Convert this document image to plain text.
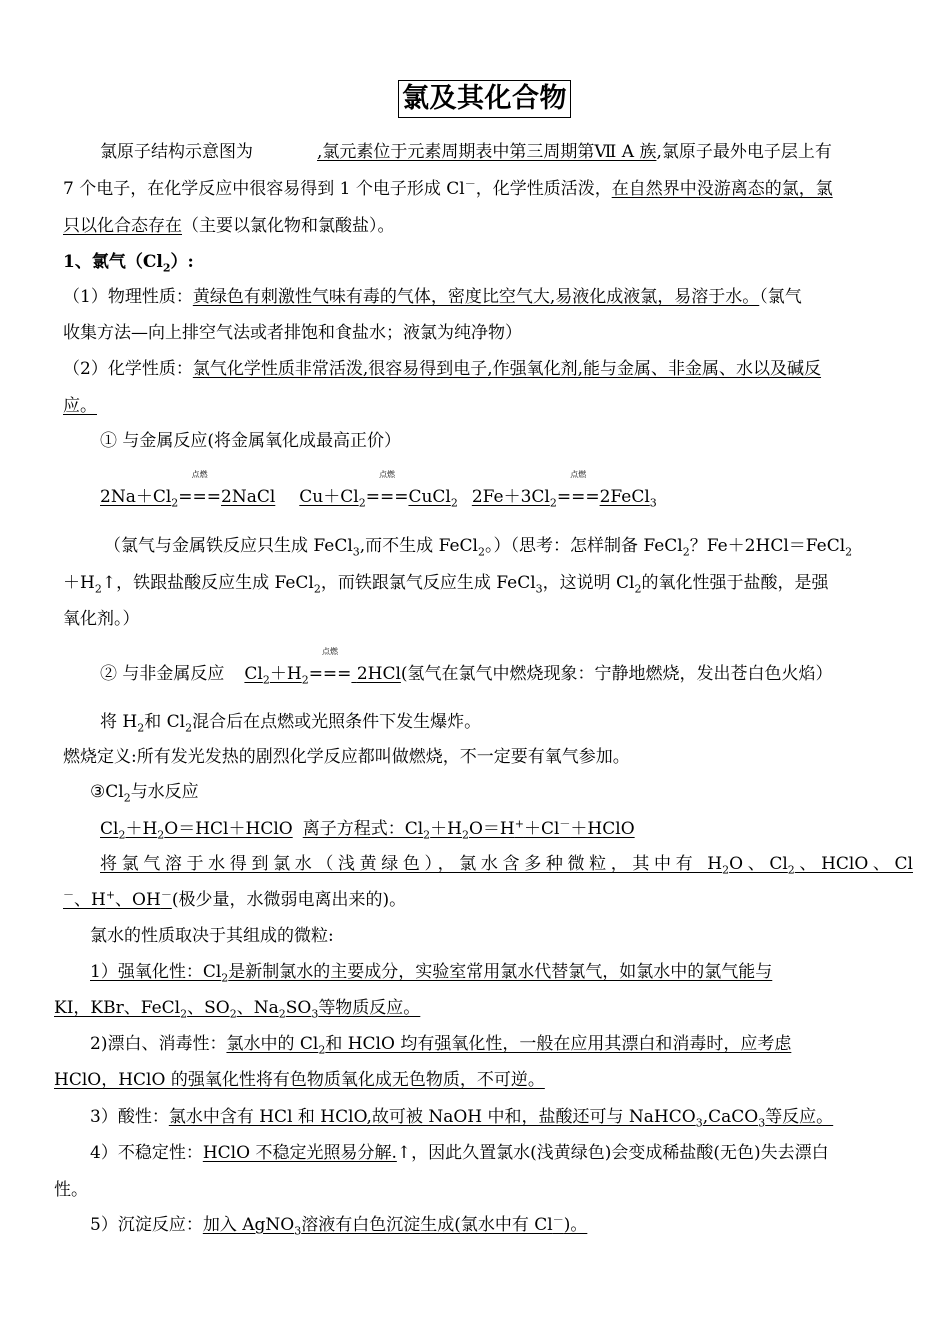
氯及其化合物
氯原子结构示意图为	,氯元素位于元素周期表中第三周期第Ⅶ A 族,氯原子最外电子层上有
7 个电子，在化学反应中很容易得到 1 个电子形成 Cl－，化学性质活泼，在自然界中没游离态的氯，氯
只以化合态存在（主要以氯化物和氯酸盐）。
1、氯气$(Cl_2)$:
（1）物理性质：黄绿色有刺激性气味有毒的气体，密度比空气大,易液化成液氯，易溶于水。（氯气
收集方法—向上排空气法或者排饱和食盐水；液氯为纯净物）
（2）化学性质：氯气化学性质非常活泼,很容易得到电子,作强氧化剂,能与金属、非金属、水以及碱反
应。
① 与金属反应(将金属氧化成最高正价）
$2Na+Cl_2$
点燃
===2NaCl $Cu+Cl_2$
点燃
===CuCl$_2$ $2Fe+3Cl_2$
点燃
===2FeCl$_3$
（氯气与金属铁反应只生成 FeCl$_3$,而不生成 FeCl$_2$。）（思考：怎样制备 FeCl$_2$？Fe＋2HCl＝FeCl$_2$
$+H_2↑$，铁跟盐酸反应生成 FeCl$_2$，而铁跟氯气反应生成 FeCl$_3$，这说明 $Cl_2$的氧化性强于盐酸，是强
氧化剂。）
② 与非金属反应 $Cl_2+H_2$
点燃
=== 2HCl(氢气在氯气中燃烧现象：宁静地燃烧，发出苍白色火焰）
将 $H_2$和 $Cl_2$混合后在点燃或光照条件下发生爆炸。
燃烧定义:所有发光发热的剧烈化学反应都叫做燃烧，不一定要有氧气参加。
$③Cl_2$与水反应
$Cl_2+H_2O=HCl+HClO$ 离子方程式：$Cl_2+H_2O=H^++Cl^-+HClO$
将氯气溶于水得到氯水（浅黄绿色），氯水含多种微粒，其中有 $H_2O$、$Cl_2$、HClO、Cl
－、H+、OH－(极少量，水微弱电离出来的)。
氯水的性质取决于其组成的微粒:
1）强氧化性：$Cl_2$是新制氯水的主要成分，实验室常用氯水代替氯气，如氯水中的氯气能与
KI，KBr、FeCl$_2$、$SO_2$、$Na_2SO_3$等物质反应。
2)漂白、消毒性：氯水中的 $Cl_2$和 HClO 均有强氧化性，一般在应用其漂白和消毒时，应考虑
HClO，HClO 的强氧化性将有色物质氧化成无色物质，不可逆。
3）酸性：氯水中含有 HCl 和 HClO,故可被 NaOH 中和，盐酸还可与 NaHCO$_3$,CaCO$_3$等反应。
4）不稳定性：HClO 不稳定光照易分解.↑，因此久置氯水(浅黄绿色)会变成稀盐酸(无色)失去漂白
性。
5）沉淀反应：加入 AgNO$_3$溶液有白色沉淀生成(氯水中有 Cl－)。
